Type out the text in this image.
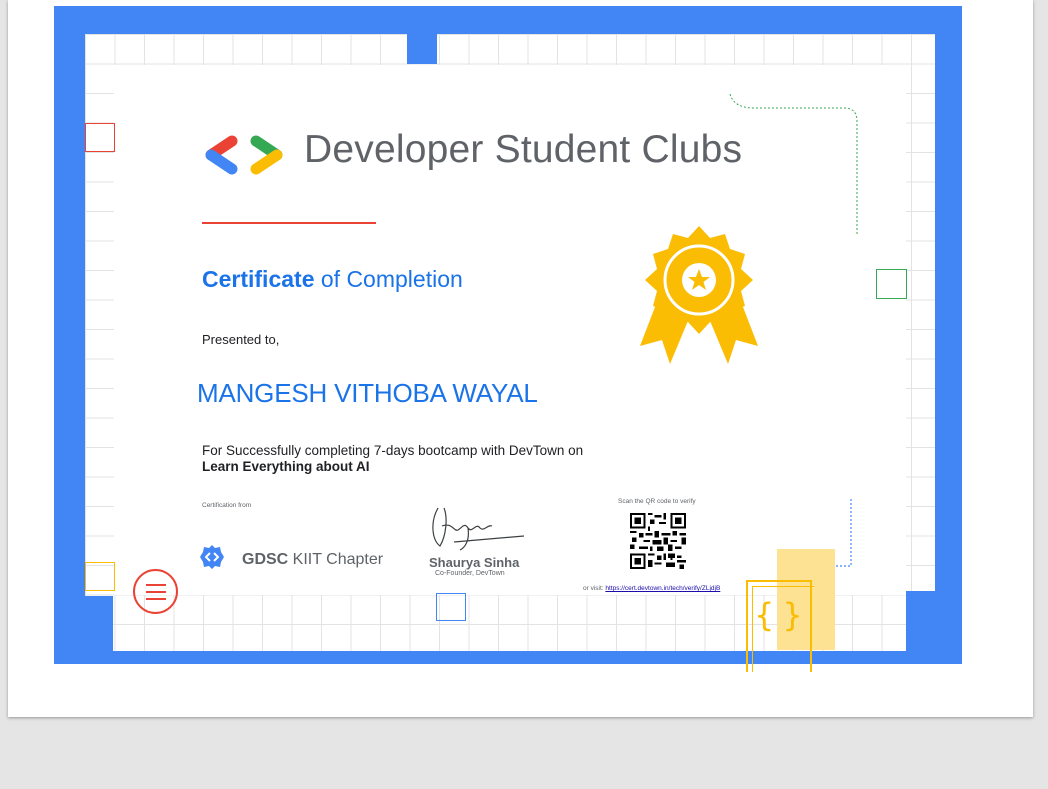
{}
Developer Student Clubs
Certificate of Completion
Presented to,
MANGESH VITHOBA WAYAL
For Successfully completing 7-days bootcamp with DevTown on
Learn Everything about AI
Certification from
GDSC KIIT Chapter	Shaurya Sinha
Co-Founder, DevTown
Scan the QR code to verify
or visit: https://cert.devtown.in/tech/verify/ZLjdjB
